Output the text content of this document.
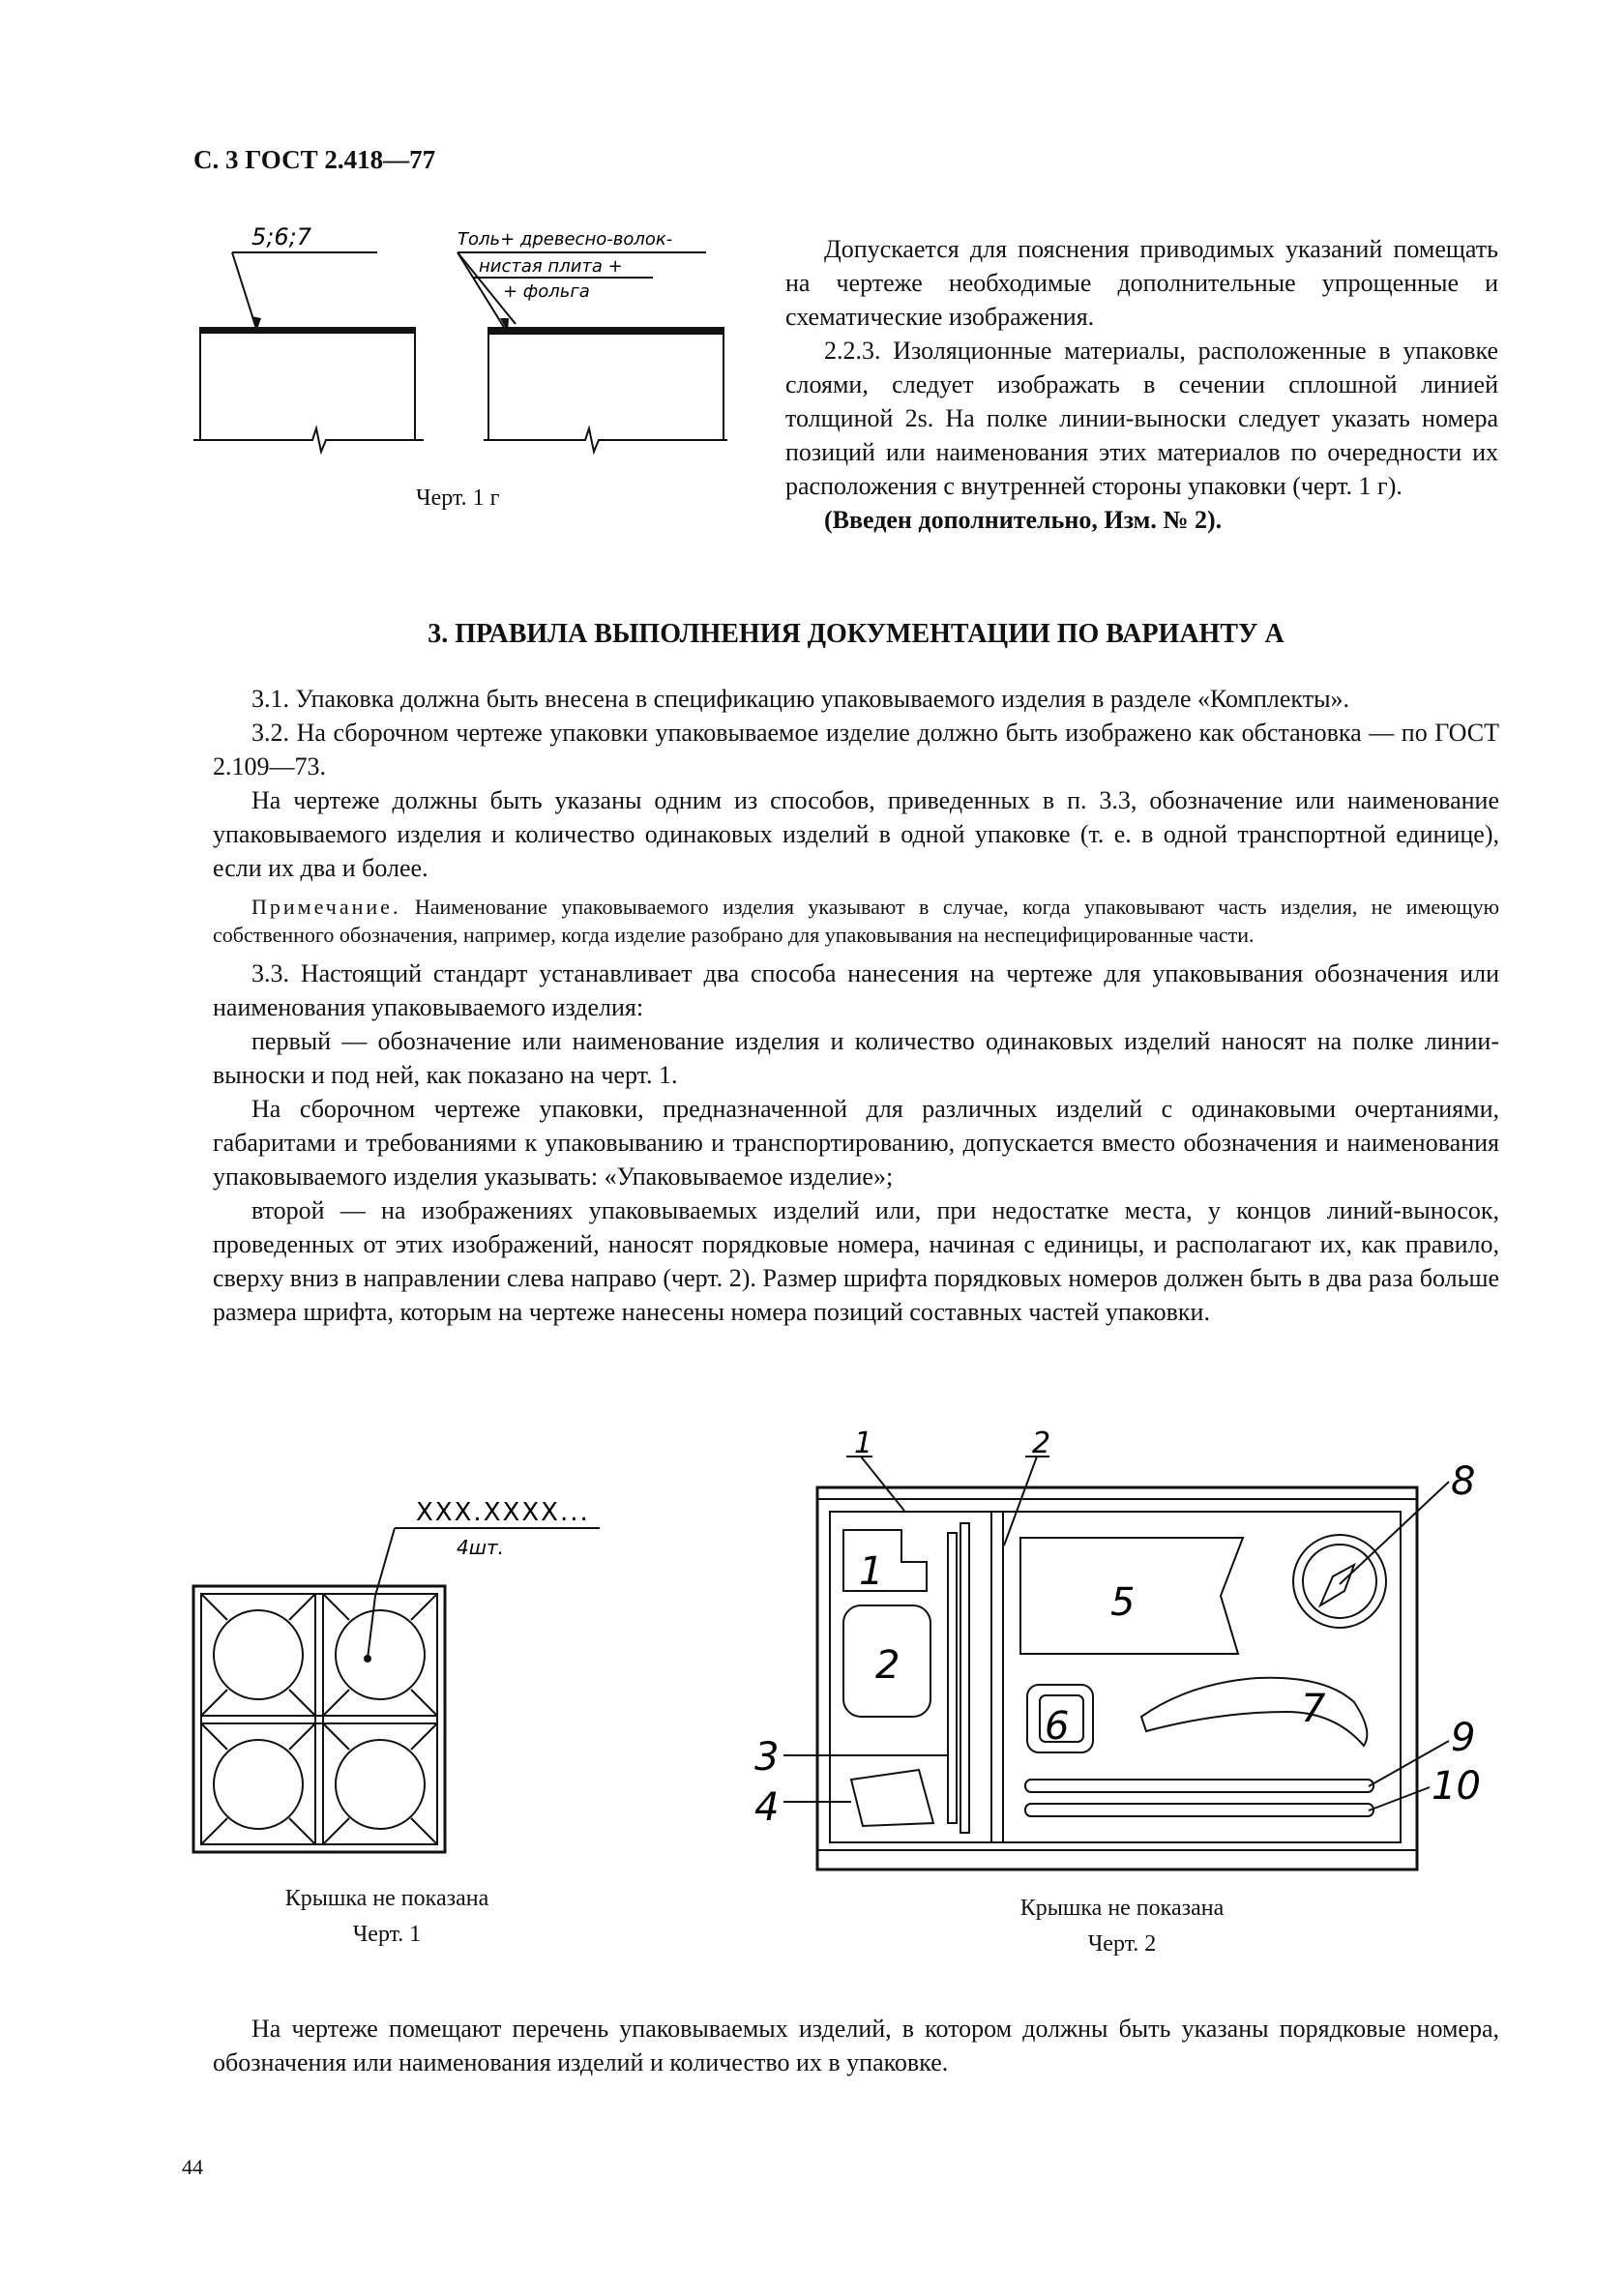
С. 3 ГОСТ 2.418—77
5;6;7	Толь+ древесно-волок-
нистая плита +
+ фольга
Черт. 1 г

Допускается для пояснения приводимых указаний помещать на чертеже необходимые дополнительные упрощенные и схематические изображения.

2.2.3. Изоляционные материалы, расположенные в упаковке слоями, следует изображать в сечении сплошной линией толщиной 2s. На полке линии-выноски следует указать номера позиций или наименования этих материалов по очередности их расположения с внутренней стороны упаковки (черт. 1 г).

(Введен дополнительно, Изм. № 2).

3. ПРАВИЛА ВЫПОЛНЕНИЯ ДОКУМЕНТАЦИИ ПО ВАРИАНТУ А

3.1. Упаковка должна быть внесена в спецификацию упаковываемого изделия в разделе «Комплекты».

3.2. На сборочном чертеже упаковки упаковываемое изделие должно быть изображено как обстановка — по ГОСТ 2.109—73.

На чертеже должны быть указаны одним из способов, приведенных в п. 3.3, обозначение или наименование упаковываемого изделия и количество одинаковых изделий в одной упаковке (т. е. в одной транспортной единице), если их два и более.

Примечание. Наименование упаковываемого изделия указывают в случае, когда упаковывают часть изделия, не имеющую собственного обозначения, например, когда изделие разобрано для упаковывания на неспецифицированные части.

3.3. Настоящий стандарт устанавливает два способа нанесения на чертеже для упаковывания обозначения или наименования упаковываемого изделия:

первый — обозначение или наименование изделия и количество одинаковых изделий наносят на полке линии-выноски и под ней, как показано на черт. 1.

На сборочном чертеже упаковки, предназначенной для различных изделий с одинаковыми очертаниями, габаритами и требованиями к упаковыванию и транспортированию, допускается вместо обозначения и наименования упаковываемого изделия указывать: «Упаковываемое изделие»;

второй — на изображениях упаковываемых изделий или, при недостатке места, у концов линий-выносок, проведенных от этих изображений, наносят порядковые номера, начиная с единицы, и располагают их, как правило, сверху вниз в направлении слева направо (черт. 2). Размер шрифта порядковых номеров должен быть в два раза больше размера шрифта, которым на чертеже нанесены номера позиций составных частей упаковки.

XXX.XXXX...
4шт.
Крышка не показана
Черт. 1
1	2
1
2
3
4
5
6	7
8
9
10
Крышка не показана
Черт. 2

На чертеже помещают перечень упаковываемых изделий, в котором должны быть указаны порядковые номера, обозначения или наименования изделий и количество их в упаковке.

44
